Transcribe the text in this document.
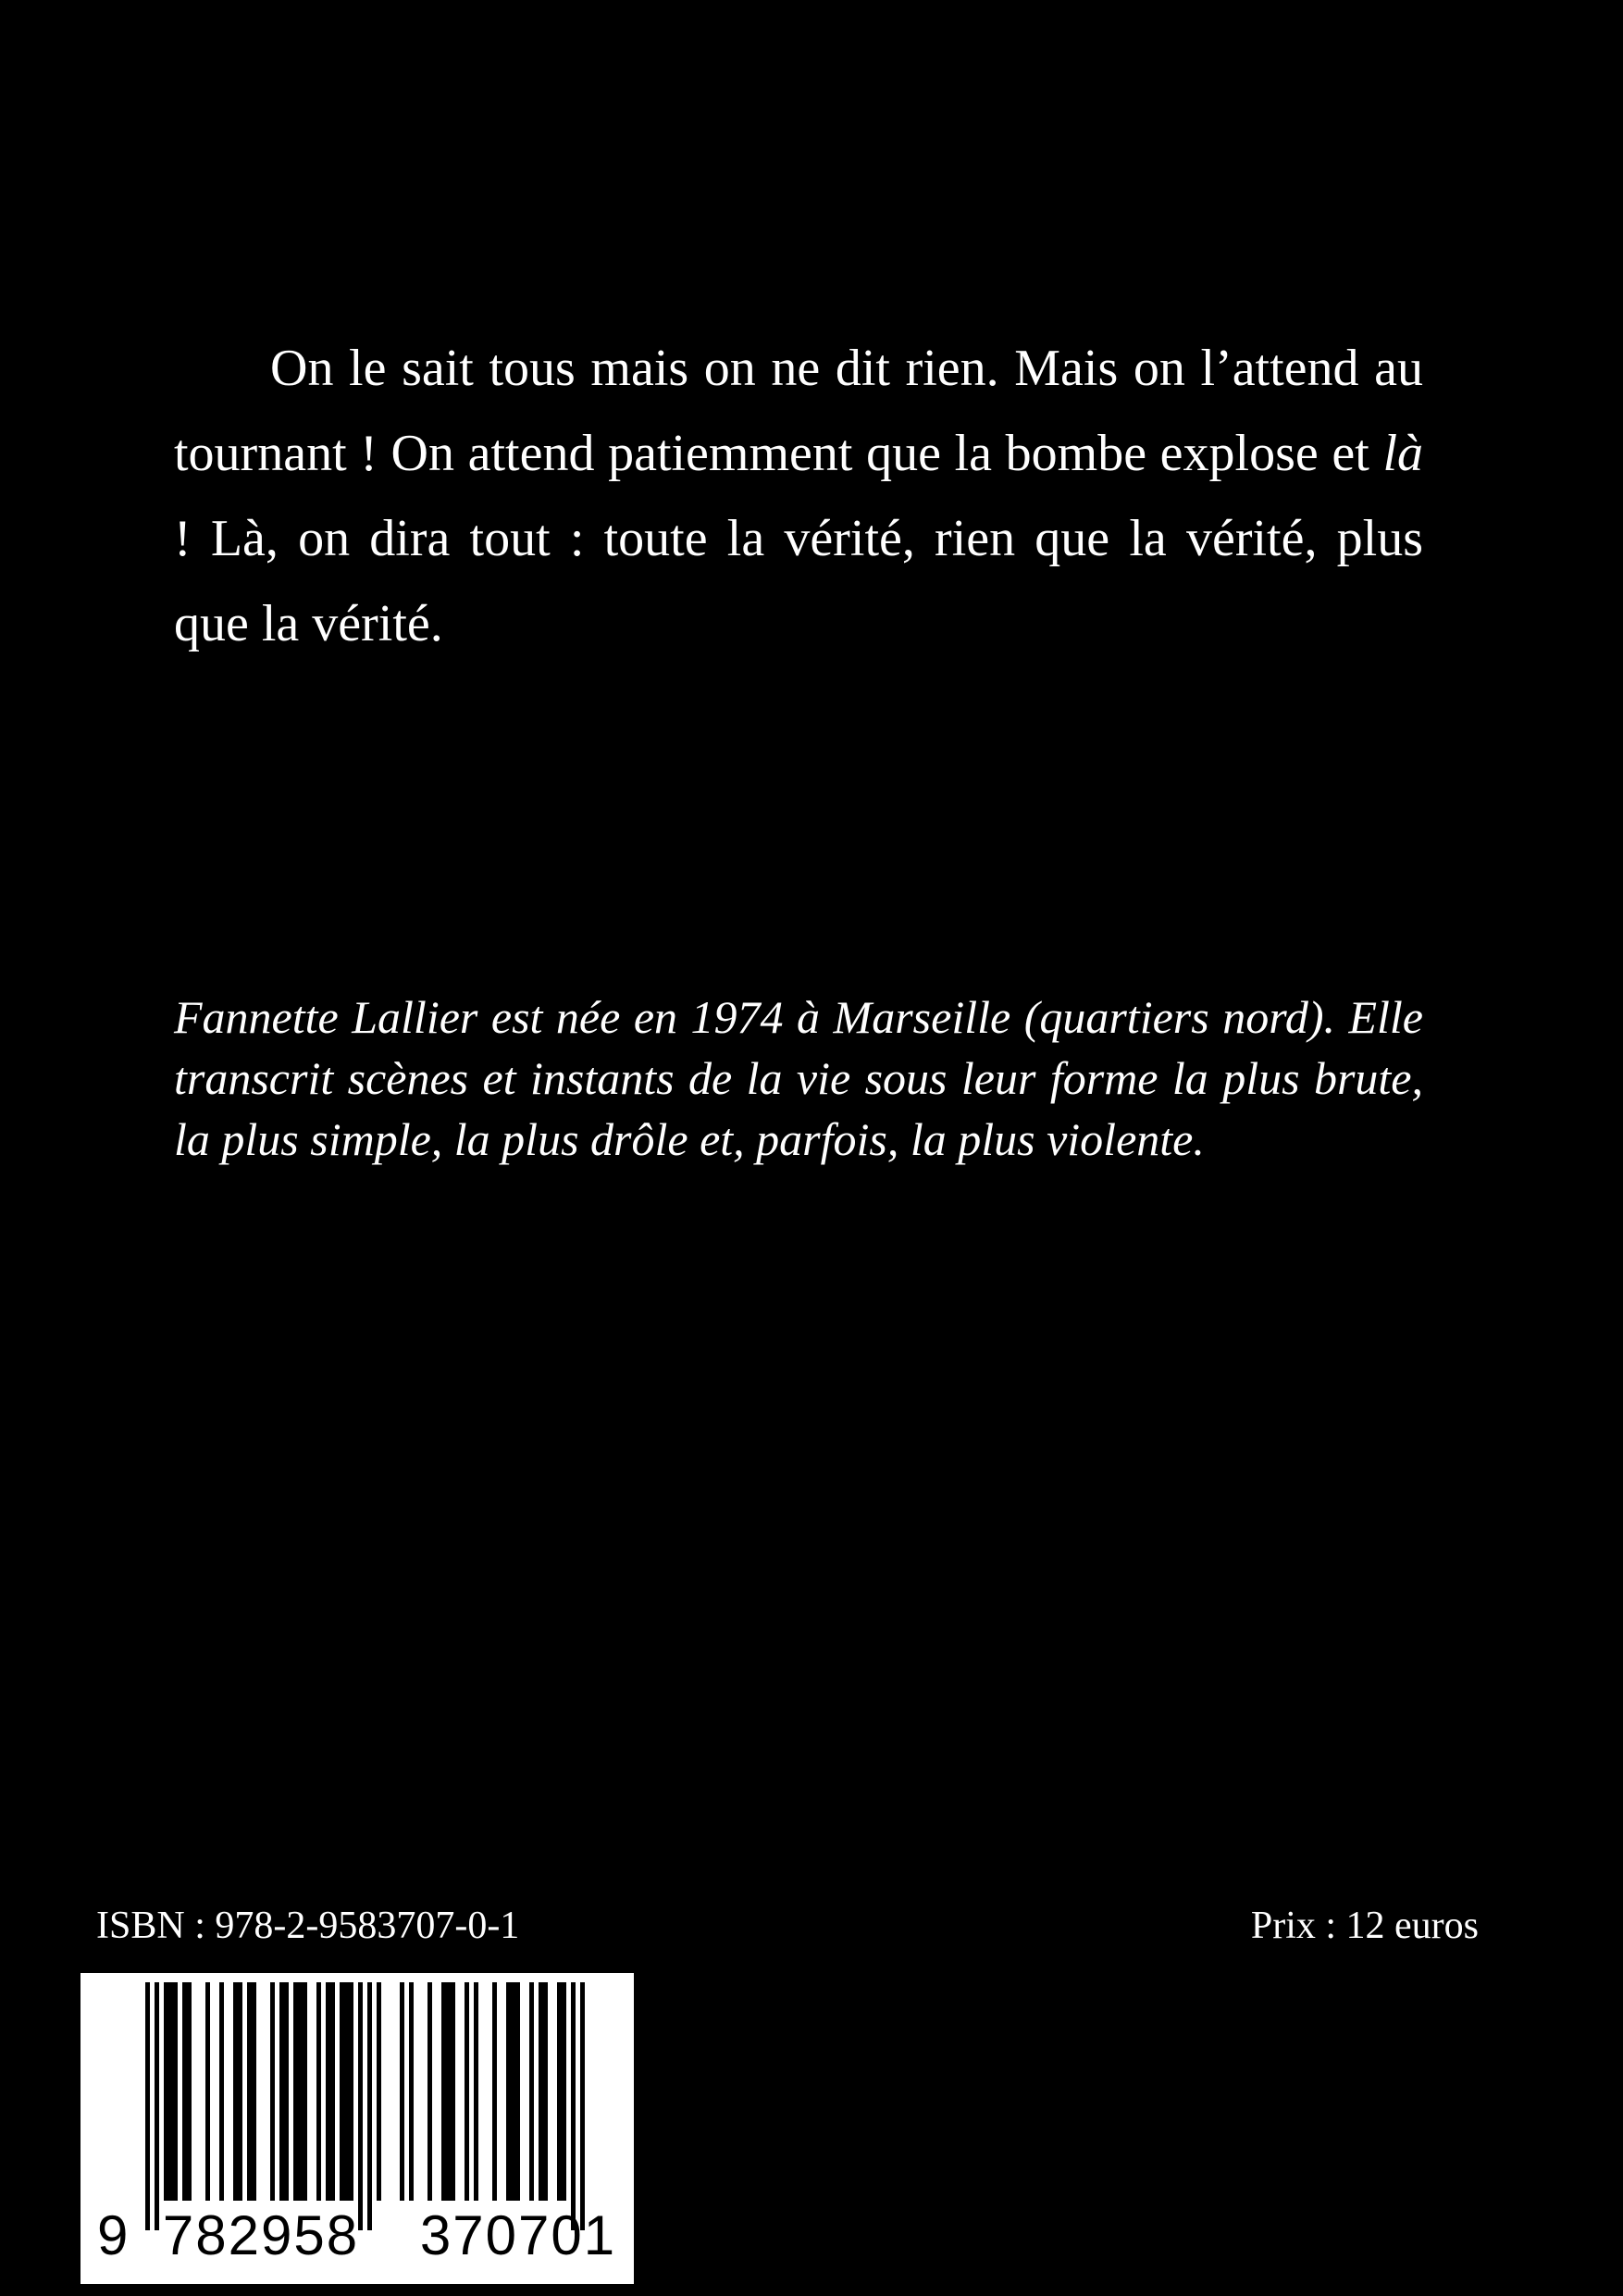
On le sait tous mais on ne dit rien. Mais on l’attend au tournant ! On attend patiemment que la bombe explose et là ! Là, on dira tout : toute la vérité, rien que la vérité, plus que la vérité.

Fannette Lallier est née en 1974 à Marseille (quartiers nord). Elle transcrit scènes et instants de la vie sous leur forme la plus brute, la plus simple, la plus drôle et, parfois, la plus violente.

ISBN : 978-2-9583707-0-1	Prix : 12 euros
9 782958 370701
